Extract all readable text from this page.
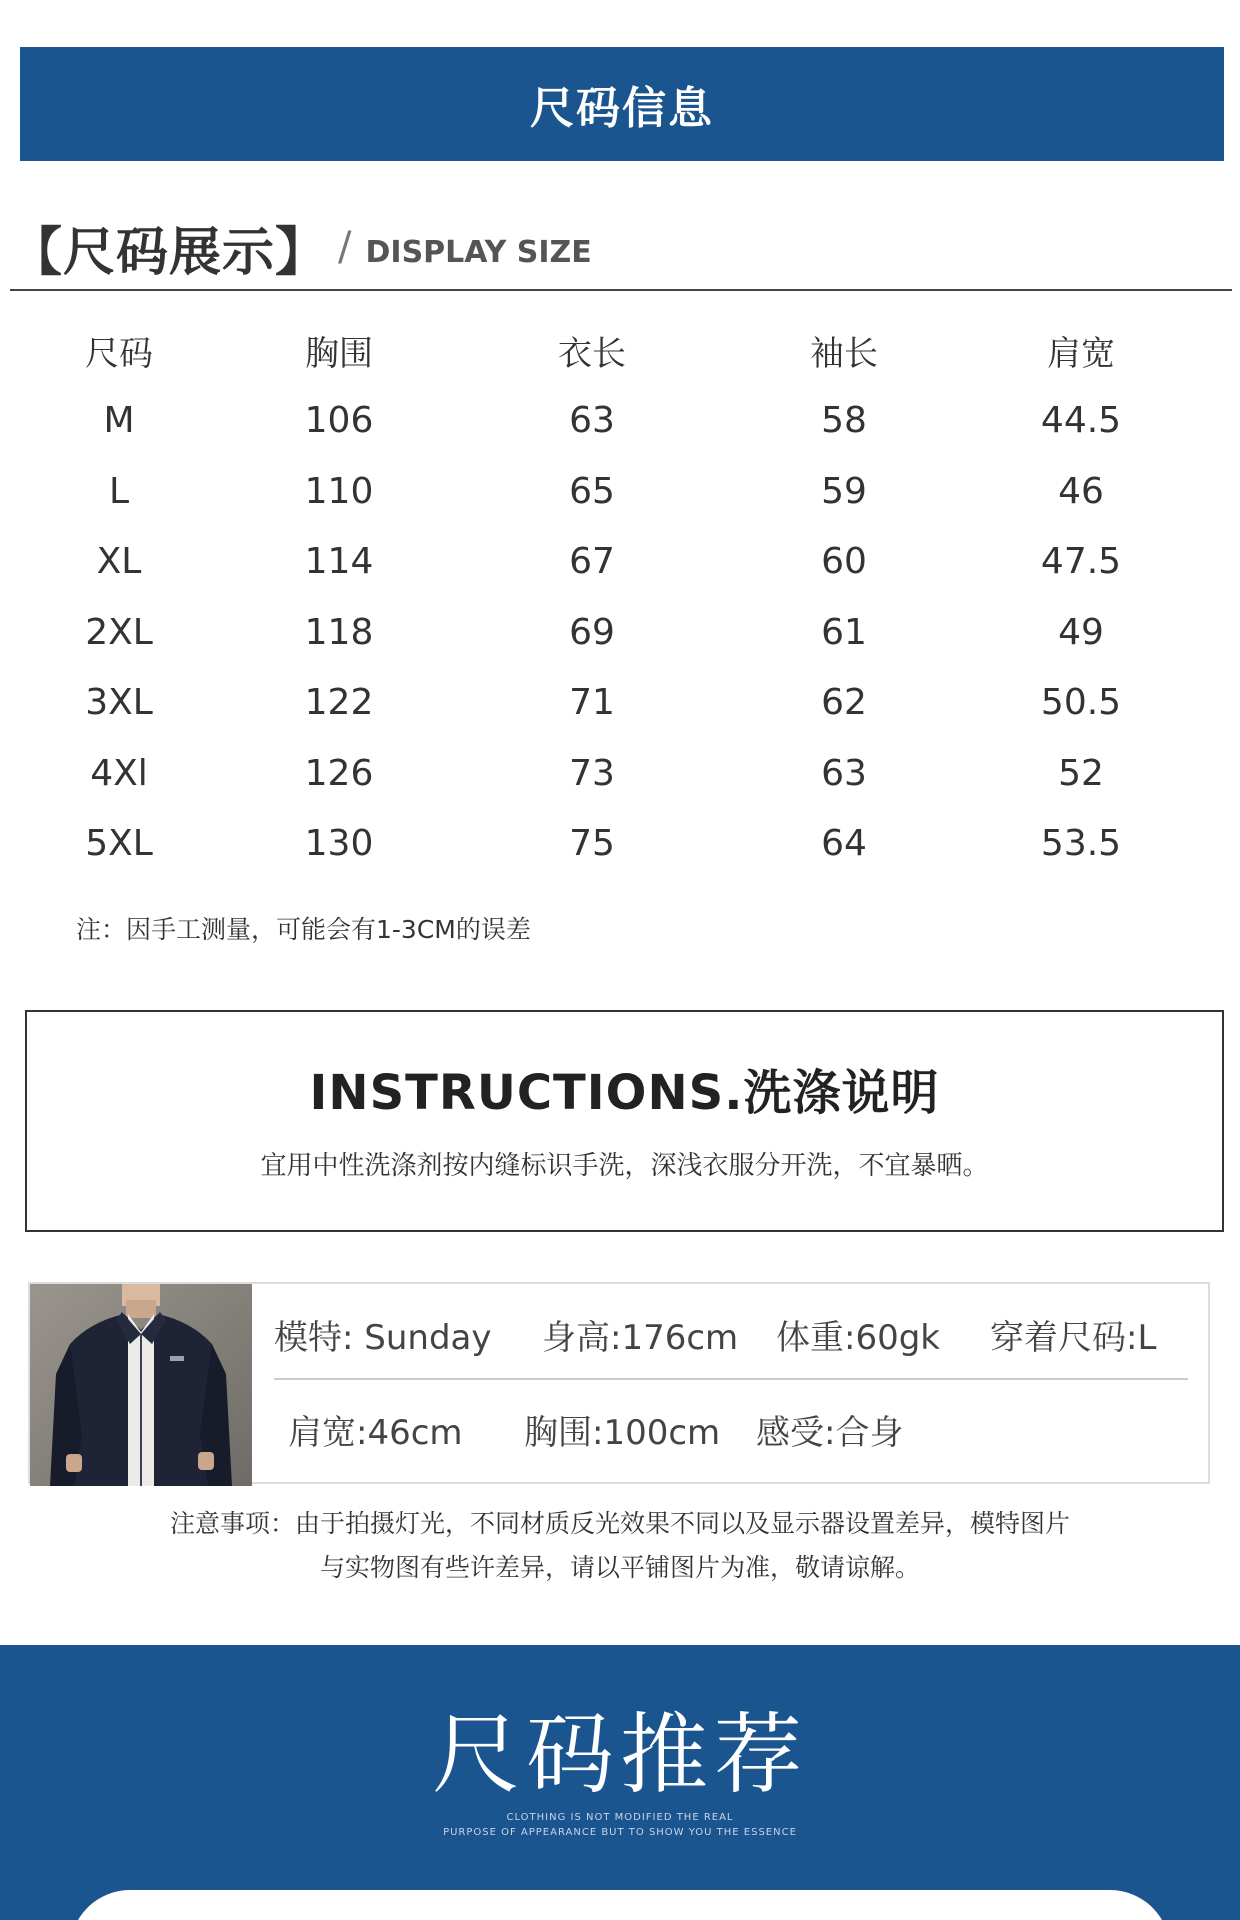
尺码信息
【尺码展示】 / DISPLAY SIZE
尺码	胸围	衣长	袖长	肩宽
M	106	63	58	44.5
L	110	65	59	46
XL	114	67	60	47.5
2XL	118	69	61	49
3XL	122	71	62	50.5
4Xl	126	73	63	52
5XL	130	75	64	53.5
注：因手工测量，可能会有1-3CM的误差
INSTRUCTIONS.洗涤说明
宜用中性洗涤剂按内缝标识手洗，深浅衣服分开洗，不宜暴晒。
模特: Sunday	身高:176cm	体重:60gk	穿着尺码:L
肩宽:46cm	胸围:100cm	感受:合身
注意事项：由于拍摄灯光，不同材质反光效果不同以及显示器设置差异，模特图片
与实物图有些许差异，请以平铺图片为准，敬请谅解。
尺码推荐
CLOTHING IS NOT MODIFIED THE REAL
PURPOSE OF APPEARANCE BUT TO SHOW YOU THE ESSENCE
